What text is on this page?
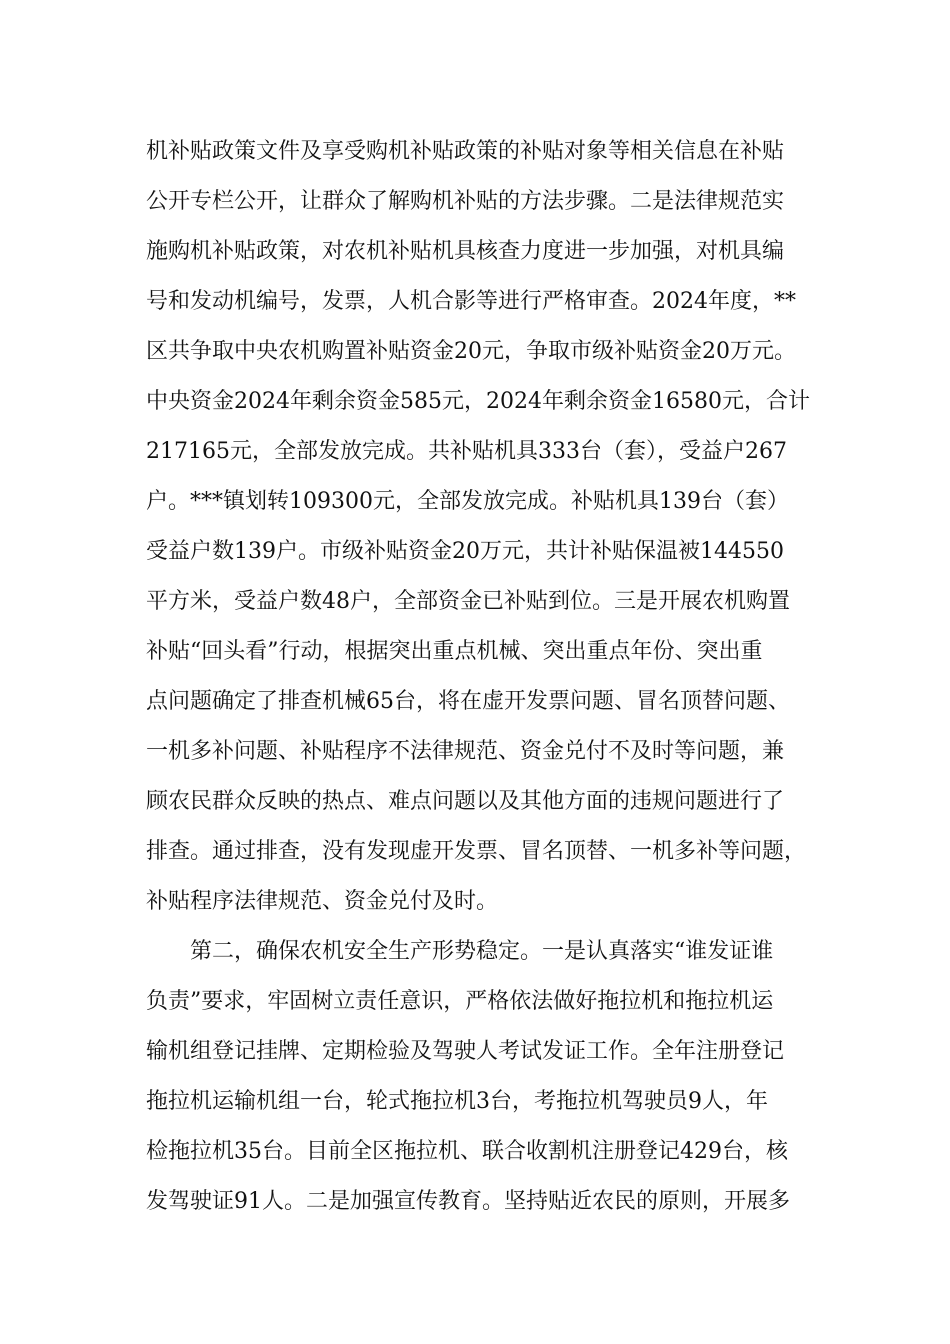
机补贴政策文件及享受购机补贴政策的补贴对象等相关信息在补贴
公开专栏公开，让群众了解购机补贴的方法步骤。二是法律规范实
施购机补贴政策，对农机补贴机具核查力度进一步加强，对机具编
号和发动机编号，发票，人机合影等进行严格审查。2024年度，**
区共争取中央农机购置补贴资金20元，争取市级补贴资金20万元。
中央资金2024年剩余资金585元，2024年剩余资金16580元，合计
217165元，全部发放完成。共补贴机具333台（套），受益户267
户。***镇划转109300元，全部发放完成。补贴机具139台（套）
受益户数139户。市级补贴资金20万元，共计补贴保温被144550
平方米，受益户数48户，全部资金已补贴到位。三是开展农机购置
补贴“回头看”行动，根据突出重点机械、突出重点年份、突出重
点问题确定了排查机械65台，将在虚开发票问题、冒名顶替问题、
一机多补问题、补贴程序不法律规范、资金兑付不及时等问题，兼
顾农民群众反映的热点、难点问题以及其他方面的违规问题进行了
排查。通过排查，没有发现虚开发票、冒名顶替、一机多补等问题，
补贴程序法律规范、资金兑付及时。
第二，确保农机安全生产形势稳定。一是认真落实“谁发证谁
负责”要求，牢固树立责任意识，严格依法做好拖拉机和拖拉机运
输机组登记挂牌、定期检验及驾驶人考试发证工作。全年注册登记
拖拉机运输机组一台，轮式拖拉机3台，考拖拉机驾驶员9人，年
检拖拉机35台。目前全区拖拉机、联合收割机注册登记429台，核
发驾驶证91人。二是加强宣传教育。坚持贴近农民的原则，开展多
